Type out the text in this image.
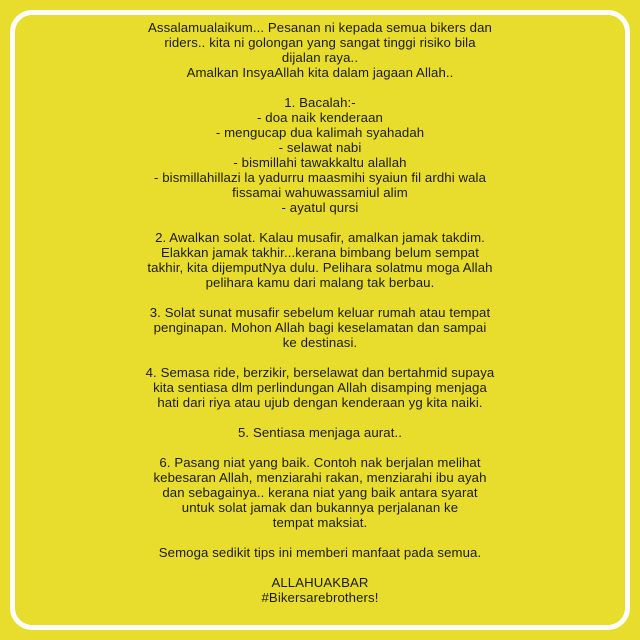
Assalamualaikum... Pesanan ni kepada semua bikers dan
riders.. kita ni golongan yang sangat tinggi risiko bila
dijalan raya..
Amalkan InsyaAllah kita dalam jagaan Allah..
1. Bacalah:-
- doa naik kenderaan
- mengucap dua kalimah syahadah
- selawat nabi
- bismillahi tawakkaltu alallah
- bismillahillazi la yadurru maasmihi syaiun fil ardhi wala
fissamai wahuwassamiul alim
- ayatul qursi
2. Awalkan solat. Kalau musafir, amalkan jamak takdim.
Elakkan jamak takhir...kerana bimbang belum sempat
takhir, kita dijemputNya dulu. Pelihara solatmu moga Allah
pelihara kamu dari malang tak berbau.
3. Solat sunat musafir sebelum keluar rumah atau tempat
penginapan. Mohon Allah bagi keselamatan dan sampai
ke destinasi.
4. Semasa ride, berzikir, berselawat dan bertahmid supaya
kita sentiasa dlm perlindungan Allah disamping menjaga
hati dari riya atau ujub dengan kenderaan yg kita naiki.
5. Sentiasa menjaga aurat..
6. Pasang niat yang baik. Contoh nak berjalan melihat
kebesaran Allah, menziarahi rakan, menziarahi ibu ayah
dan sebagainya.. kerana niat yang baik antara syarat
untuk solat jamak dan bukannya perjalanan ke
tempat maksiat.
Semoga sedikit tips ini memberi manfaat pada semua.
ALLAHUAKBAR
#Bikersarebrothers!
